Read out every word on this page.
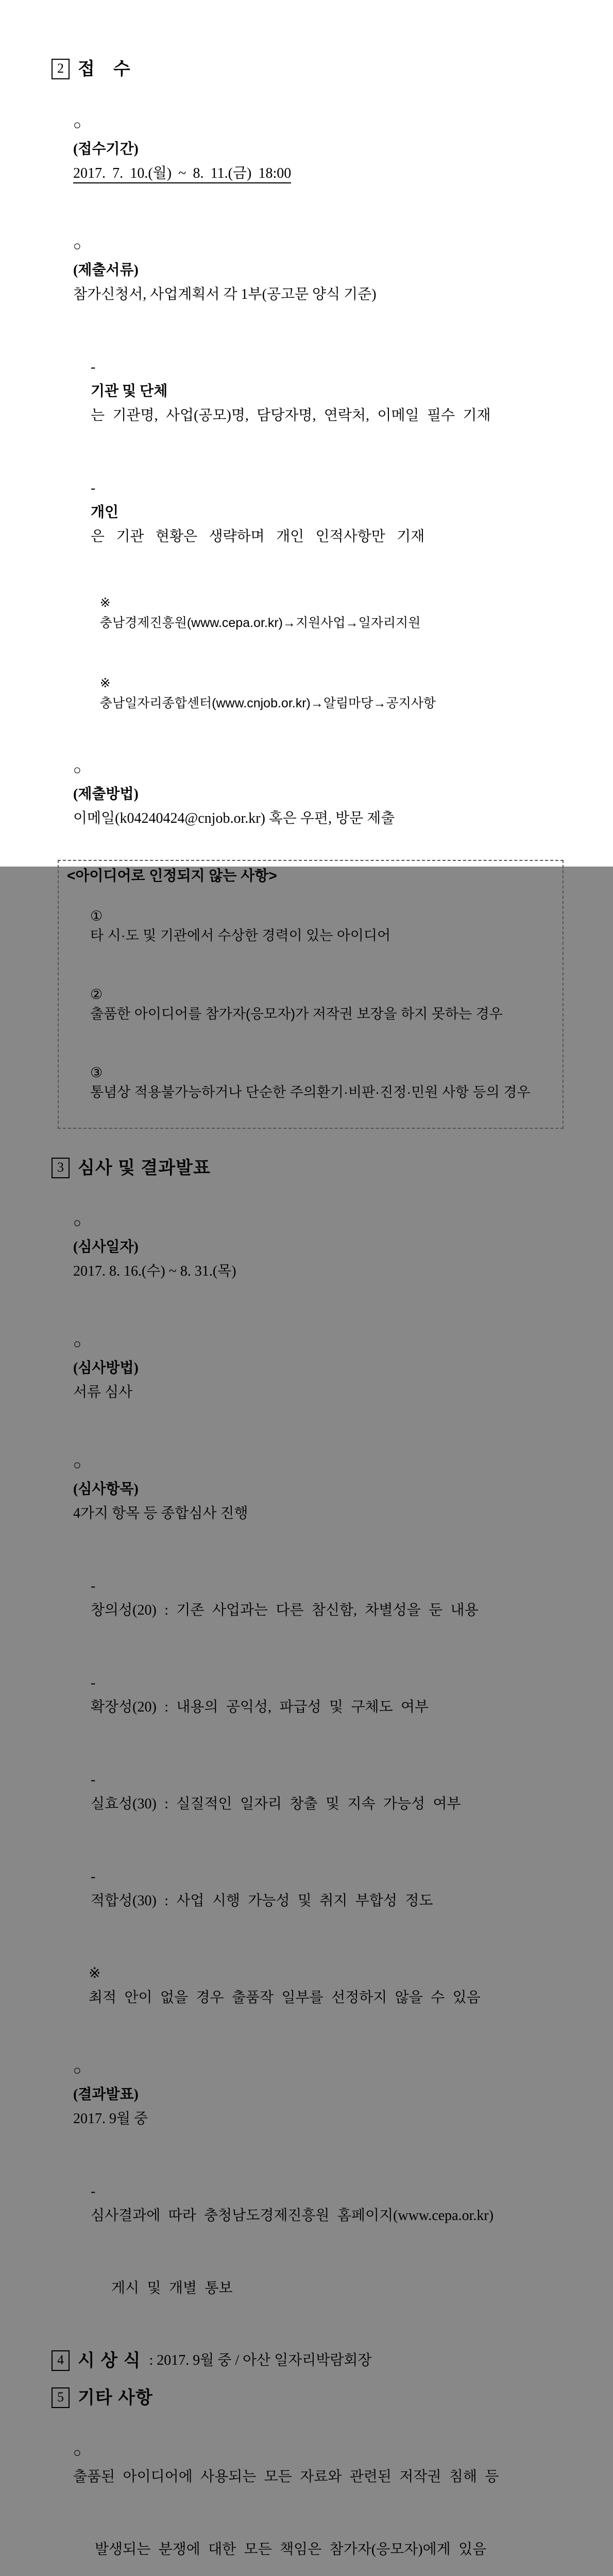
2 접　수

○
(접수기간)
2017. 7. 10.(월) ~ 8. 11.(금) 18:00

○
(제출서류)
참가신청서, 사업계획서 각 1부(공고문 양식 기준)

-
기관 및 단체
는 기관명, 사업(공모)명, 담당자명, 연락처, 이메일 필수 기재

-
개인
은 기관 현황은 생략하며 개인 인적사항만 기재

※
충남경제진흥원(www.cepa.or.kr)→지원사업→일자리지원

※
충남일자리종합센터(www.cnjob.or.kr)→알림마당→공지사항

○
(제출방법)
이메일(k04240424@cnjob.or.kr) 혹은 우편, 방문 제출

<아이디어로 인정되지 않는 사항>

①
타 시·도 및 기관에서 수상한 경력이 있는 아이디어

②
출품한 아이디어를 참가자(응모자)가 저작권 보장을 하지 못하는 경우

③
통념상 적용불가능하거나 단순한 주의환기·비판·진정·민원 사항 등의 경우

3 심사 및 결과발표

○
(심사일자)
2017. 8. 16.(수) ~ 8. 31.(목)

○
(심사방법)
서류 심사

○
(심사항목)
4가지 항목 등 종합심사 진행

-
창의성(20) : 기존 사업과는 다른 참신함, 차별성을 둔 내용

-
확장성(20) : 내용의 공익성, 파급성 및 구체도 여부

-
실효성(30) : 실질적인 일자리 창출 및 지속 가능성 여부

-
적합성(30) : 사업 시행 가능성 및 취지 부합성 정도

※
최적 안이 없을 경우 출품작 일부를 선정하지 않을 수 있음

○
(결과발표)
2017. 9월 중

-
심사결과에 따라 충청남도경제진흥원 홈페이지(www.cepa.or.kr)

게시 및 개별 통보

4 시 상 식 : 2017. 9월 중 / 아산 일자리박람회장
5 기타 사항

○
출품된 아이디어에 사용되는 모든 자료와 관련된 저작권 침해 등

발생되는 분쟁에 대한 모든 책임은 참가자(응모자)에게 있음
